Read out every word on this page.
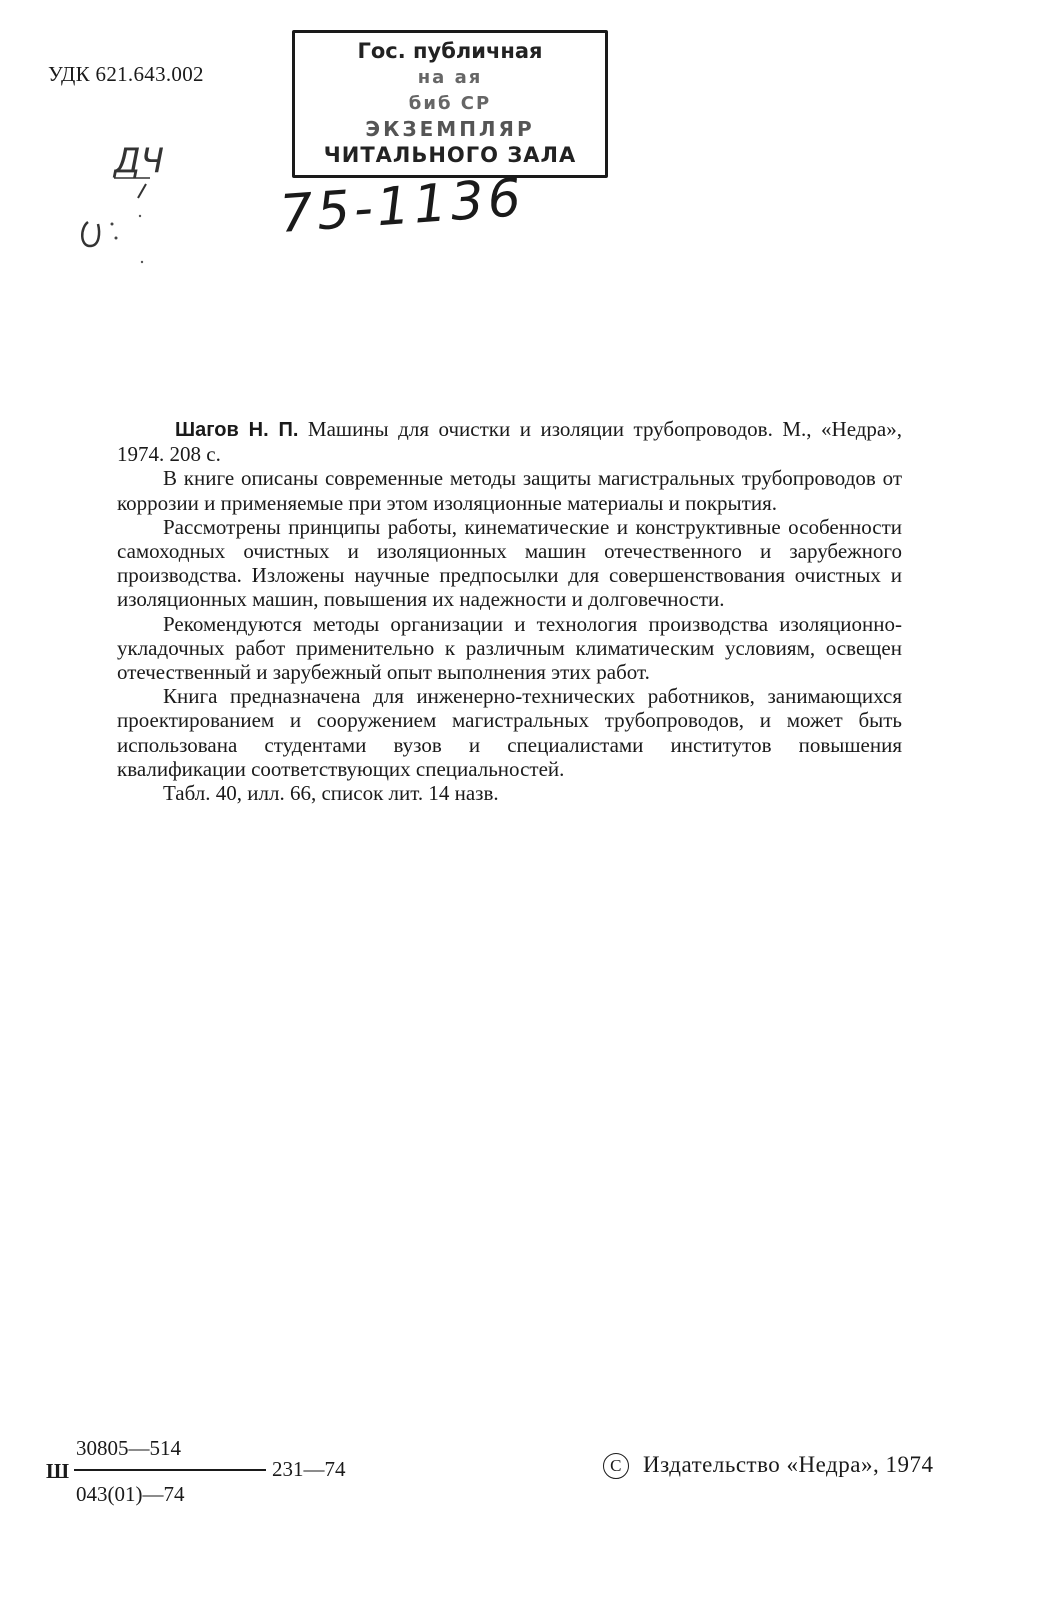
УДК 621.643.002
Гос. публичная
на ая
биб СР
ЭКЗЕМПЛЯР
ЧИТАЛЬНОГО ЗАЛА
75-1136
ДЧ

Шагов Н. П. Машины для очистки и изоляции трубопроводов. М., «Недра», 1974. 208 с.

В книге описаны современные методы защиты магистральных трубопроводов от коррозии и применяемые при этом изоляционные материалы и покрытия.

Рассмотрены принципы работы, кинематические и конструктивные особенности самоходных очистных и изоляционных машин отечественного и зарубежного производства. Изложены научные предпосылки для совершенствования очистных и изоляционных машин, повышения их надежности и долговечности.

Рекомендуются методы организации и технология производства изоляционно-укладочных работ применительно к различным климатическим условиям, освещен отечественный и зарубежный опыт выполнения этих работ.

Книга предназначена для инженерно-технических работников, занимающихся проектированием и сооружением магистральных трубопроводов, и может быть использована студентами вузов и специалистами институтов повышения квалификации соответствующих специальностей.

Табл. 40, илл. 66, список лит. 14 назв.

Ш
30805—514
043(01)—74
231—74	C Издательство «Недра», 1974
